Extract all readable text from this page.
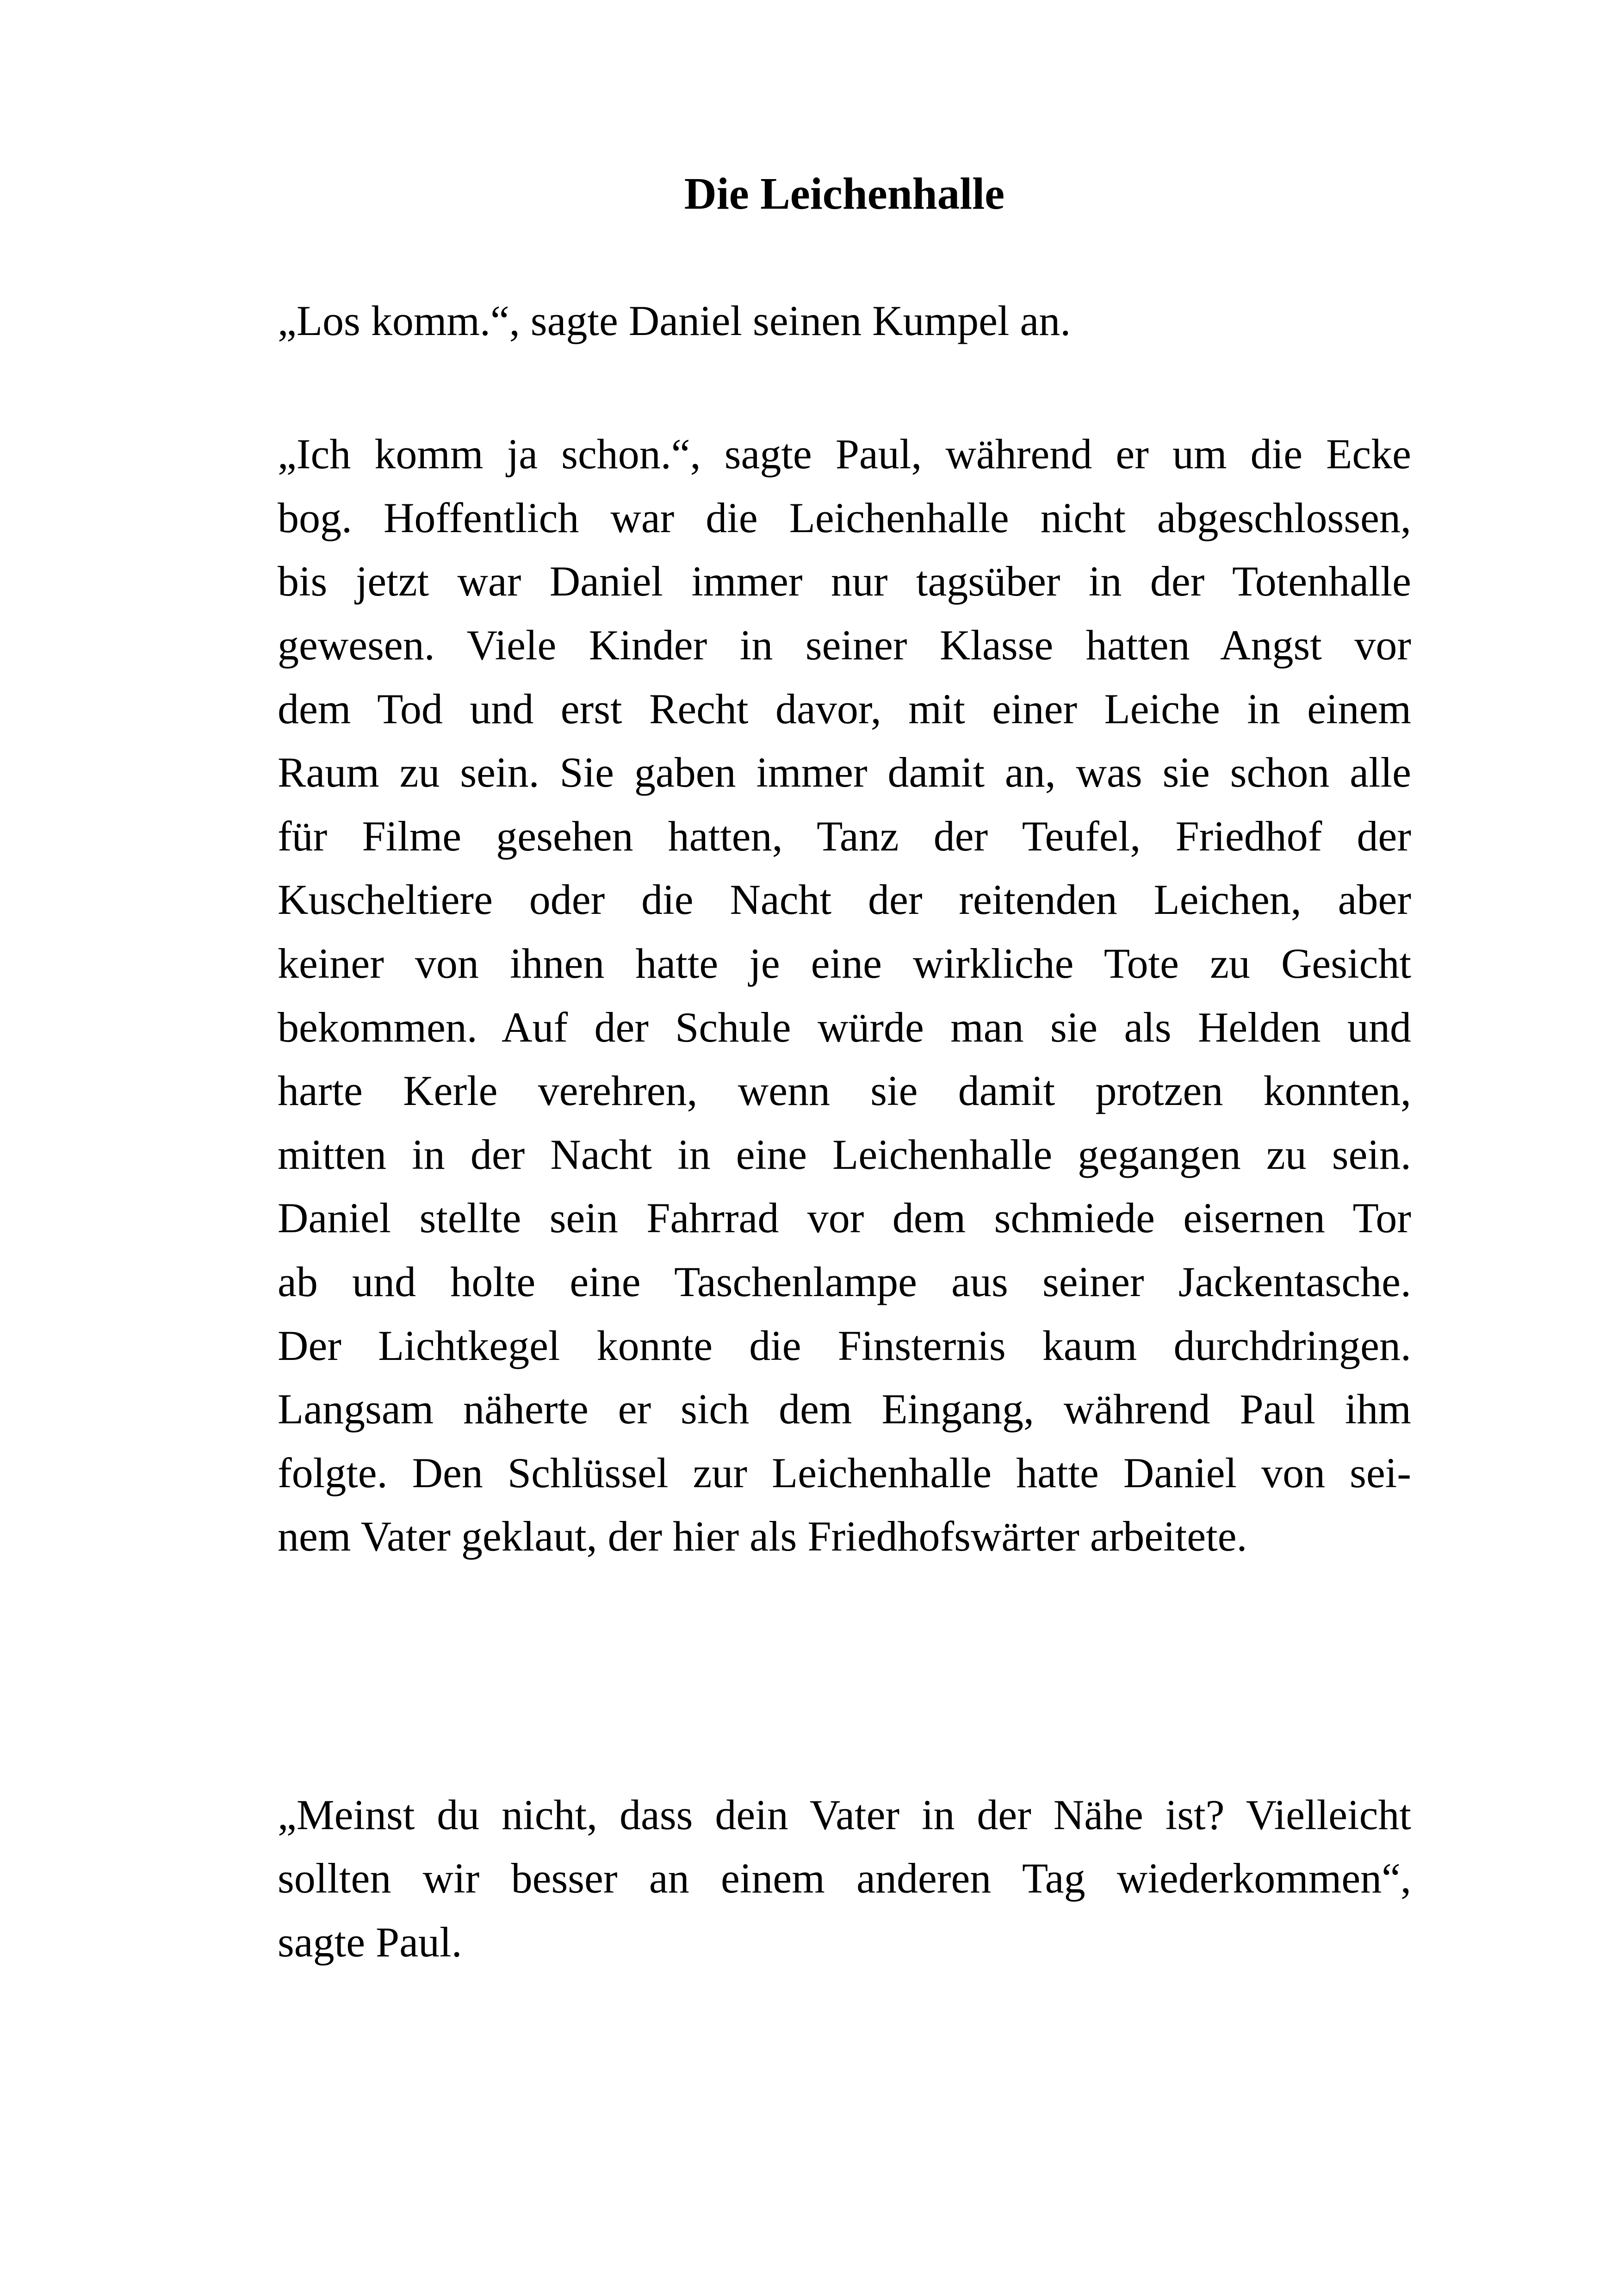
Die Leichenhalle
„Los komm.“, sagte Daniel seinen Kumpel an.
„Ich komm ja schon.“, sagte Paul, während er um die Ecke
bog. Hoffentlich war die Leichenhalle nicht abgeschlossen,
bis jetzt war Daniel immer nur tagsüber in der Totenhalle
gewesen. Viele Kinder in seiner Klasse hatten Angst vor
dem Tod und erst Recht davor, mit einer Leiche in einem
Raum zu sein. Sie gaben immer damit an, was sie schon alle
für Filme gesehen hatten, Tanz der Teufel, Friedhof der
Kuscheltiere oder die Nacht der reitenden Leichen, aber
keiner von ihnen hatte je eine wirkliche Tote zu Gesicht
bekommen. Auf der Schule würde man sie als Helden und
harte Kerle verehren, wenn sie damit protzen konnten,
mitten in der Nacht in eine Leichenhalle gegangen zu sein.
Daniel stellte sein Fahrrad vor dem schmiede eisernen Tor
ab und holte eine Taschenlampe aus seiner Jackentasche.
Der Lichtkegel konnte die Finsternis kaum durchdringen.
Langsam näherte er sich dem Eingang, während Paul ihm
folgte. Den Schlüssel zur Leichenhalle hatte Daniel von sei-
nem Vater geklaut, der hier als Friedhofswärter arbeitete.
„Meinst du nicht, dass dein Vater in der Nähe ist? Vielleicht
sollten wir besser an einem anderen Tag wiederkommen“,
sagte Paul.
